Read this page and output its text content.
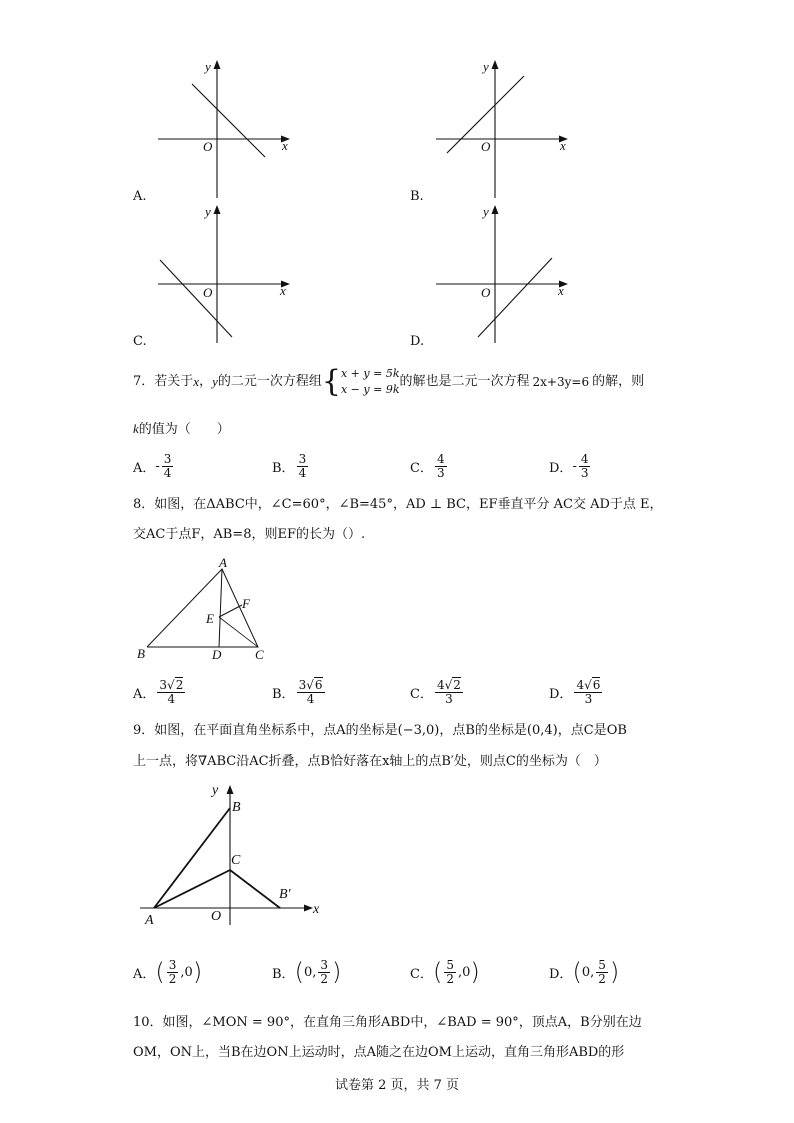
y
x
O
A.
y
x
O
B.
y
x
O
C.
y
x
O
D.
7． 若关于 x ， y 的二元一次方程组 { x + y = 5k
x − y = 9k
的解也是二元一次方程 2x+3y=6 的解，则
k的值为（　　）
A． - $\frac{3}{4}$	B． $\frac{3}{4}$	C． $\frac{4}{3}$	D． - $\frac{4}{3}$
8．如图，在ΔABC中，∠C=60°，∠B=45°，AD ⊥ BC，EF垂直平分 AC交 AD于点 E，
交AC于点F，AB=8，则EF的长为（）.
A
B	C
D
E
F
A． $\frac{3√2}{4}$	B． $\frac{3√6}{4}$	C． $\frac{4√2}{3}$	D． $\frac{4√6}{3}$
9．如图，在平面直角坐标系中，点A的坐标是(−3,0)，点B的坐标是(0,4)，点C是OB
上一点，将∇ABC沿AC折叠，点B恰好落在x轴上的点B′处，则点C的坐标为（　）
y
x
B
C
B′
A	O
A． ( $\frac{3}{2}$ , 0 )	B． ( 0 , $\frac{3}{2}$ )	C． ( $\frac{5}{2}$ , 0 )	D． ( 0 , $\frac{5}{2}$ )
10．如图，∠MON = 90°，在直角三角形ABD中，∠BAD = 90°，顶点A，B分别在边
OM，ON上，当B在边ON上运动时，点A随之在边OM上运动，直角三角形ABD的形
试卷第 2 页，共 7 页
